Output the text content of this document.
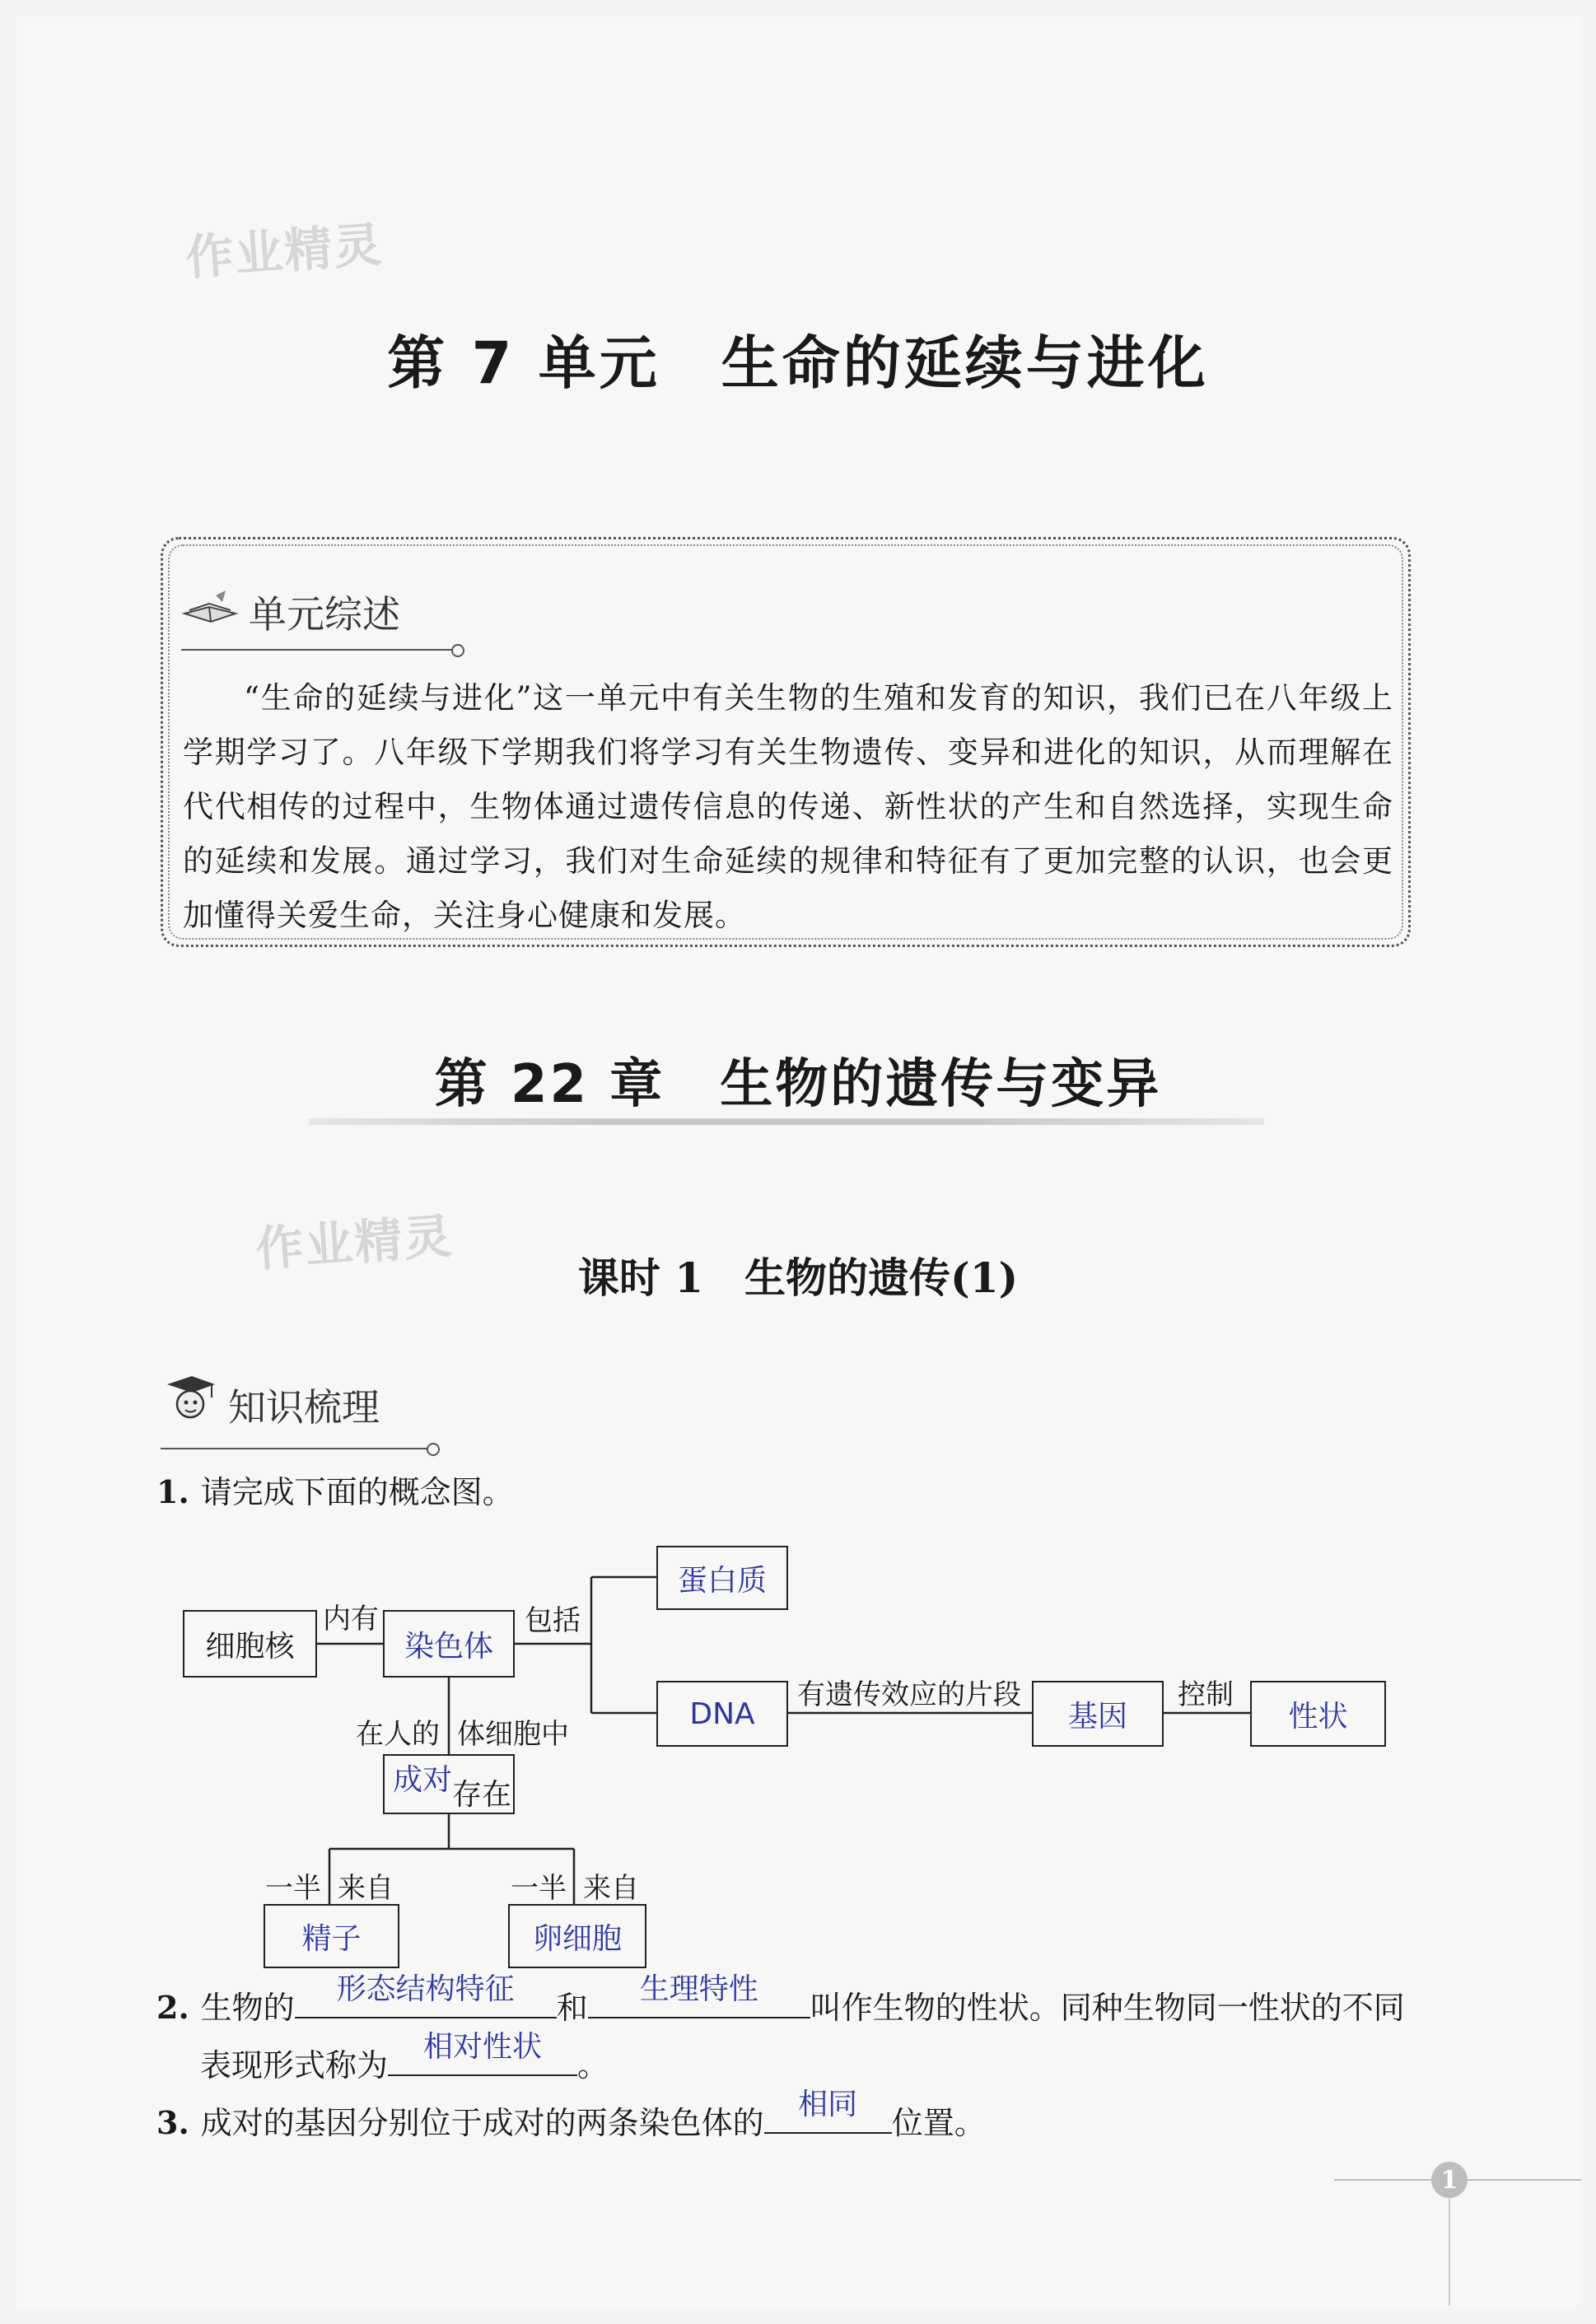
作业精灵
作业精灵
第 7 单元　生命的延续与进化
单元综述
“生命的延续与进化”这一单元中有关生物的生殖和发育的知识，我们已在八年级上学期学习了。八年级下学期我们将学习有关生物遗传、变异和进化的知识，从而理解在代代相传的过程中，生物体通过遗传信息的传递、新性状的产生和自然选择，实现生命的延续和发展。通过学习，我们对生命延续的规律和特征有了更加完整的认识，也会更加懂得关爱生命，关注身心健康和发展。
第 22 章　生物的遗传与变异
课时 1　生物的遗传(1)
知识梳理
1. 请完成下面的概念图。
细胞核	染色体
蛋白质
DNA	基因	性状
成对 存在
精子	卵细胞
内有	包括
有遗传效应的片段	控制
在人的 体细胞中
一半 来自	一半 来自
2. 生物的
形态结构特征
和
生理特性
叫作生物的性状。同种生物同一性状的不同
表现形式称为
相对性状
。
3. 成对的基因分别位于成对的两条染色体的
相同
位置。
1
